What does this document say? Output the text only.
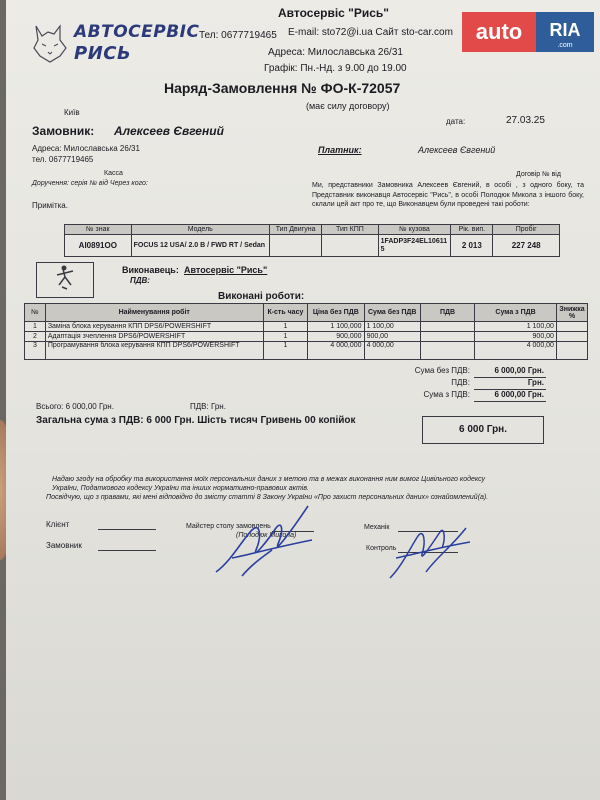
АВТОСЕРВІС
РИСЬ
Автосервіс "Рись"
Тел: 0677719465 E-mail: sto72@i.ua Сайт sto-car.com
Адреса: Милославська 26/31
Графік: Пн.-Нд. з 9.00 до 19.00
auto	RIA
.com
Наряд-Замовлення № ФО-К-72057
(має силу договору)
Київ
дата:	27.03.25
Замовник: Алексеев Євгений
Адреса: Милославська 26/31
тел. 0677719465
Касса
Доручення: серія № від Через кого:
Примітка.
Платник:	Алексеев Євгений
Договір № від
Ми, представники Замовника Алексеев Євгений, в особі , з одного боку, та Представник виконавця Автосервіс "Рись", в особі Полодюк Микола з іншого боку, склали цей акт про те, що Виконавцем були проведені такі роботи:
№ знак	Модель	Тип Двигуна	Тип КПП	№ кузова	Рік. вип.	Пробіг
AI0891OO	FOCUS 12 USA/ 2.0 B / FWD RT / Sedan			1FADP3F24EL106115	2 013	227 248
Виконавець: Автосервіс "Рись"
ПДВ:
Виконані роботи:
№	Найменування робіт	К-сть часу	Ціна без ПДВ	Сума без ПДВ	ПДВ	Сума з ПДВ	Знижка %
1	Заміна блока керування КПП DPS6/POWERSHIFT	1	1 100,000	1 100,00		1 100,00	
2	Адаптація зчеплення DPS6/POWERSHIFT	1	900,000	900,00		900,00	
3	Програмування блока керування КПП DPS6/POWERSHIFT	1	4 000,000	4 000,00		4 000,00	
Сума без ПДВ:	6 000,00 Грн.
ПДВ:	Грн.
Сума з ПДВ:	6 000,00 Грн.
Всього: 6 000,00 Грн.	ПДВ: Грн.
Загальна сума з ПДВ: 6 000 Грн. Шість тисяч Гривень 00 копійок
6 000 Грн.
Надаю згоду на обробку та використання моїх персональних даних з метою та в межах виконання ним вимог Цивільного кодексу
України, Податкового кодексу України та інших нормативно-правових актів.
Посвідчую, що з правами, які мені відповідно до змісту статті 8 Закону України «Про захист персональних даних» ознайомлений(а).
Клієнт
Замовник
Майстер столу замовлень
(Полодюк Микола)
Механік
Контроль
